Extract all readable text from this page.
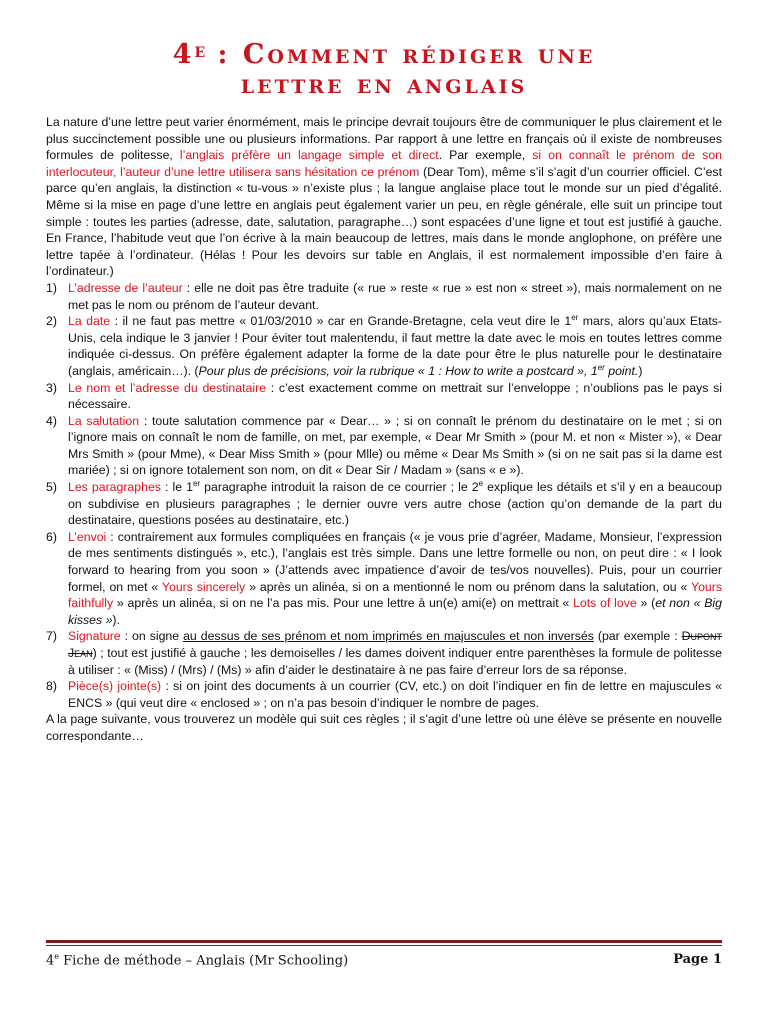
$4^E$ : Comment rédiger une
lettre en anglais

La nature d’une lettre peut varier énormément, mais le principe devrait toujours être de communiquer le plus clairement et le plus succinctement possible une ou plusieurs informations. Par rapport à une lettre en français où il existe de nombreuses formules de politesse, l’anglais préfère un langage simple et direct. Par exemple, si on connaît le prénom de son interlocuteur, l’auteur d’une lettre utilisera sans hésitation ce prénom (Dear Tom), même s’il s’agit d’un courrier officiel. C’est parce qu’en anglais, la distinction « tu-vous » n’existe plus ; la langue anglaise place tout le monde sur un pied d’égalité. Même si la mise en page d’une lettre en anglais peut également varier un peu, en règle générale, elle suit un principe tout simple : toutes les parties (adresse, date, salutation, paragraphe…) sont espacées d’une ligne et tout est justifié à gauche. En France, l’habitude veut que l’on écrive à la main beaucoup de lettres, mais dans le monde anglophone, on préfère une lettre tapée à l’ordinateur. (Hélas ! Pour les devoirs sur table en Anglais, il est normalement impossible d’en faire à l’ordinateur.)

1) L’adresse de l’auteur : elle ne doit pas être traduite (« rue » reste « rue » est non « street »), mais normalement on ne met pas le nom ou prénom de l’auteur devant.
2) La date : il ne faut pas mettre « 01/03/2010 » car en Grande-Bretagne, cela veut dire le 1er mars, alors qu’aux Etats-Unis, cela indique le 3 janvier ! Pour éviter tout malentendu, il faut mettre la date avec le mois en toutes lettres comme indiquée ci-dessus. On préfère également adapter la forme de la date pour être le plus naturelle pour le destinataire (anglais, américain…). (Pour plus de précisions, voir la rubrique « 1 : How to write a postcard », 1er point.)
3) Le nom et l’adresse du destinataire : c’est exactement comme on mettrait sur l’enveloppe ; n’oublions pas le pays si nécessaire.
4) La salutation : toute salutation commence par « Dear… » ; si on connaît le prénom du destinataire on le met ; si on l’ignore mais on connaît le nom de famille, on met, par exemple, « Dear Mr Smith » (pour M. et non « Mister »), « Dear Mrs Smith » (pour Mme), « Dear Miss Smith » (pour Mlle) ou même « Dear Ms Smith » (si on ne sait pas si la dame est mariée) ; si on ignore totalement son nom, on dit « Dear Sir / Madam » (sans « e »).
5) Les paragraphes : le 1er paragraphe introduit la raison de ce courrier ; le 2e explique les détails et s’il y en a beaucoup on subdivise en plusieurs paragraphes ; le dernier ouvre vers autre chose (action qu’on demande de la part du destinataire, questions posées au destinataire, etc.)
6) L’envoi : contrairement aux formules compliquées en français (« je vous prie d’agréer, Madame, Monsieur, l’expression de mes sentiments distingués », etc.), l’anglais est très simple. Dans une lettre formelle ou non, on peut dire : « I look forward to hearing from you soon » (J’attends avec impatience d’avoir de tes/vos nouvelles). Puis, pour un courrier formel, on met « Yours sincerely » après un alinéa, si on a mentionné le nom ou prénom dans la salutation, ou « Yours faithfully » après un alinéa, si on ne l’a pas mis. Pour une lettre à un(e) ami(e) on mettrait « Lots of love » (et non « Big kisses »).
7) Signature : on signe au dessus de ses prénom et nom imprimés en majuscules et non inversés (par exemple : Dupont Jean) ; tout est justifié à gauche ; les demoiselles / les dames doivent indiquer entre parenthèses la formule de politesse à utiliser : « (Miss) / (Mrs) / (Ms) » afin d’aider le destinataire à ne pas faire d’erreur lors de sa réponse.
8) Pièce(s) jointe(s) : si on joint des documents à un courrier (CV, etc.) on doit l’indiquer en fin de lettre en majuscules « ENCS » (qui veut dire « enclosed » ; on n’a pas besoin d’indiquer le nombre de pages.

A la page suivante, vous trouverez un modèle qui suit ces règles ; il s’agit d’une lettre où une élève se présente en nouvelle correspondante…

4e Fiche de méthode – Anglais (Mr Schooling)	Page 1
